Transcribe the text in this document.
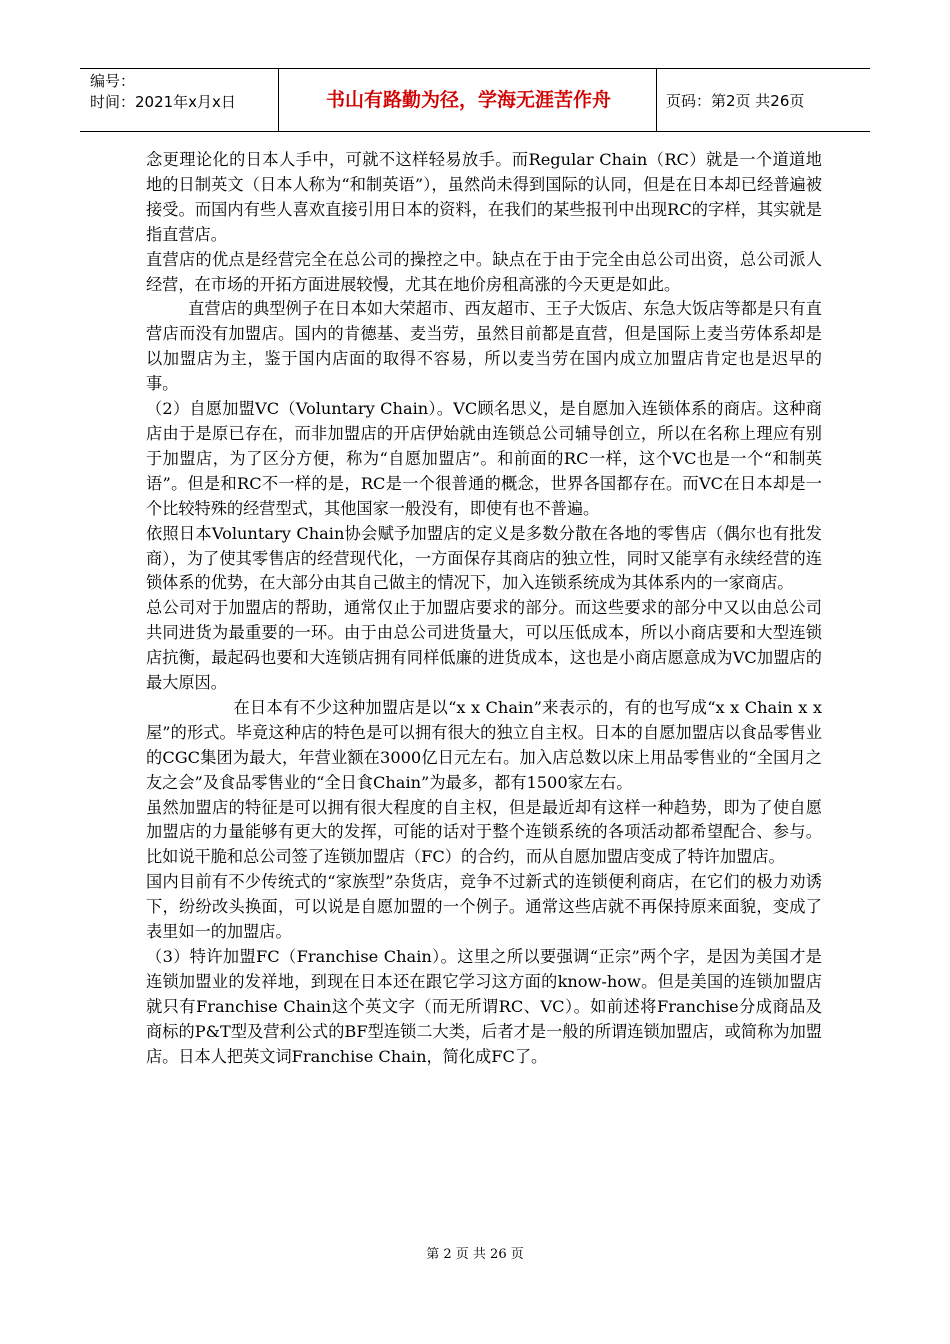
编号：
时间：2021年x月x日	书山有路勤为径，学海无涯苦作舟	页码：第2页 共26页

念更理论化的日本人手中，可就不这样轻易放手。而Regular Chain（RC）就是一个道道地地的日制英文（日本人称为“和制英语”），虽然尚未得到国际的认同，但是在日本却已经普遍被接受。而国内有些人喜欢直接引用日本的资料，在我们的某些报刊中出现RC的字样，其实就是指直营店。

直营店的优点是经营完全在总公司的操控之中。缺点在于由于完全由总公司出资，总公司派人经营，在市场的开拓方面进展较慢，尤其在地价房租高涨的今天更是如此。

直营店的典型例子在日本如大荣超市、西友超市、王子大饭店、东急大饭店等都是只有直营店而没有加盟店。国内的肯德基、麦当劳，虽然目前都是直营，但是国际上麦当劳体系却是以加盟店为主，鉴于国内店面的取得不容易，所以麦当劳在国内成立加盟店肯定也是迟早的事。

（2）自愿加盟VC（Voluntary Chain）。VC顾名思义，是自愿加入连锁体系的商店。这种商店由于是原已存在，而非加盟店的开店伊始就由连锁总公司辅导创立，所以在名称上理应有别于加盟店，为了区分方便，称为“自愿加盟店”。和前面的RC一样，这个VC也是一个“和制英语”。但是和RC不一样的是，RC是一个很普通的概念，世界各国都存在。而VC在日本却是一个比较特殊的经营型式，其他国家一般没有，即使有也不普遍。

依照日本Voluntary Chain协会赋予加盟店的定义是多数分散在各地的零售店（偶尔也有批发商），为了使其零售店的经营现代化，一方面保存其商店的独立性，同时又能享有永续经营的连锁体系的优势，在大部分由其自己做主的情况下，加入连锁系统成为其体系内的一家商店。

总公司对于加盟店的帮助，通常仅止于加盟店要求的部分。而这些要求的部分中又以由总公司共同进货为最重要的一环。由于由总公司进货量大，可以压低成本，所以小商店要和大型连锁店抗衡，最起码也要和大连锁店拥有同样低廉的进货成本，这也是小商店愿意成为VC加盟店的最大原因。

在日本有不少这种加盟店是以“x x Chain”来表示的，有的也写成“x x Chain x x屋”的形式。毕竟这种店的特色是可以拥有很大的独立自主权。日本的自愿加盟店以食品零售业的CGC集团为最大，年营业额在3000亿日元左右。加入店总数以床上用品零售业的“全国月之友之会”及食品零售业的“全日食Chain”为最多，都有1500家左右。

虽然加盟店的特征是可以拥有很大程度的自主权，但是最近却有这样一种趋势，即为了使自愿加盟店的力量能够有更大的发挥，可能的话对于整个连锁系统的各项活动都希望配合、参与。比如说干脆和总公司签了连锁加盟店（FC）的合约，而从自愿加盟店变成了特许加盟店。

国内目前有不少传统式的“家族型”杂货店，竞争不过新式的连锁便利商店，在它们的极力劝诱下，纷纷改头换面，可以说是自愿加盟的一个例子。通常这些店就不再保持原来面貌，变成了表里如一的加盟店。

（3）特许加盟FC（Franchise Chain）。这里之所以要强调“正宗”两个字，是因为美国才是连锁加盟业的发祥地，到现在日本还在跟它学习这方面的know-how。但是美国的连锁加盟店就只有Franchise Chain这个英文字（而无所谓RC、VC）。如前述将Franchise分成商品及商标的P&T型及营利公式的BF型连锁二大类，后者才是一般的所谓连锁加盟店，或简称为加盟店。日本人把英文词Franchise Chain，简化成FC了。

第 2 页 共 26 页
